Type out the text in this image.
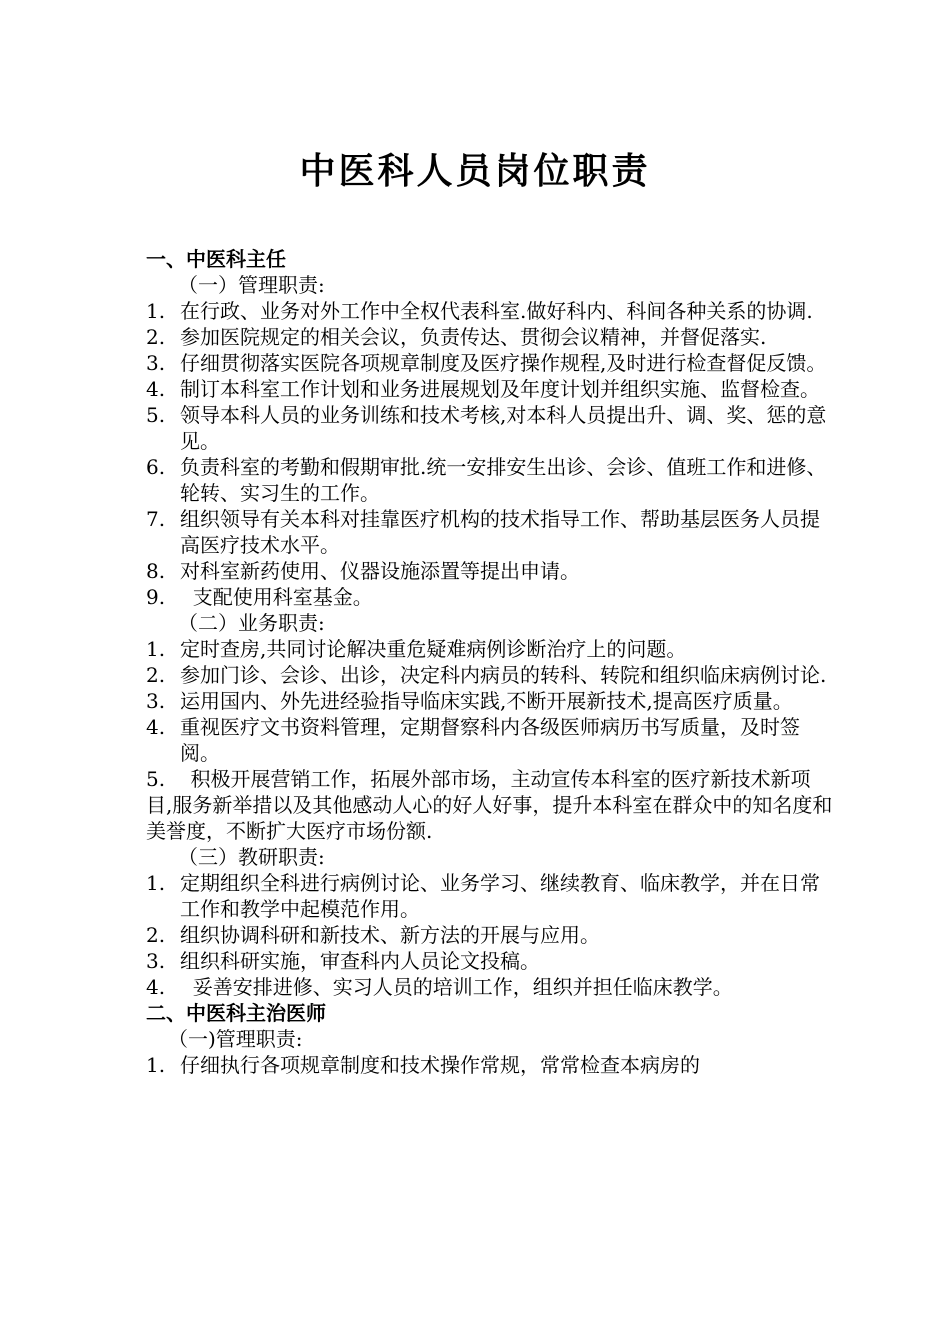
中医科人员岗位职责
一、中医科主任
（一）管理职责:
1. 在行政、业务对外工作中全权代表科室.做好科内、科间各种关系的协调.
2. 参加医院规定的相关会议，负责传达、贯彻会议精神，并督促落实.
3. 仔细贯彻落实医院各项规章制度及医疗操作规程,及时进行检查督促反馈。
4. 制订本科室工作计划和业务进展规划及年度计划并组织实施、监督检查。
5. 领导本科人员的业务训练和技术考核,对本科人员提出升、调、奖、惩的意见。
6. 负责科室的考勤和假期审批.统一安排安生出诊、会诊、值班工作和进修、轮转、实习生的工作。
7. 组织领导有关本科对挂靠医疗机构的技术指导工作、帮助基层医务人员提高医疗技术水平。
8. 对科室新药使用、仪器设施添置等提出申请。
9. 支配使用科室基金。
（二）业务职责:
1. 定时查房,共同讨论解决重危疑难病例诊断治疗上的问题。
2. 参加门诊、会诊、出诊，决定科内病员的转科、转院和组织临床病例讨论.
3. 运用国内、外先进经验指导临床实践,不断开展新技术,提高医疗质量。
4. 重视医疗文书资料管理，定期督察科内各级医师病历书写质量，及时签阅。
5.    积极开展营销工作，拓展外部市场，主动宣传本科室的医疗新技术新项目,服务新举措以及其他感动人心的好人好事，提升本科室在群众中的知名度和美誉度，不断扩大医疗市场份额.
（三）教研职责:
1. 定期组织全科进行病例讨论、业务学习、继续教育、临床教学，并在日常工作和教学中起模范作用。
2. 组织协调科研和新技术、新方法的开展与应用。
3. 组织科研实施，审查科内人员论文投稿。
4. 妥善安排进修、实习人员的培训工作，组织并担任临床教学。
二、中医科主治医师
（一)管理职责:
1. 仔细执行各项规章制度和技术操作常规，常常检查本病房的
